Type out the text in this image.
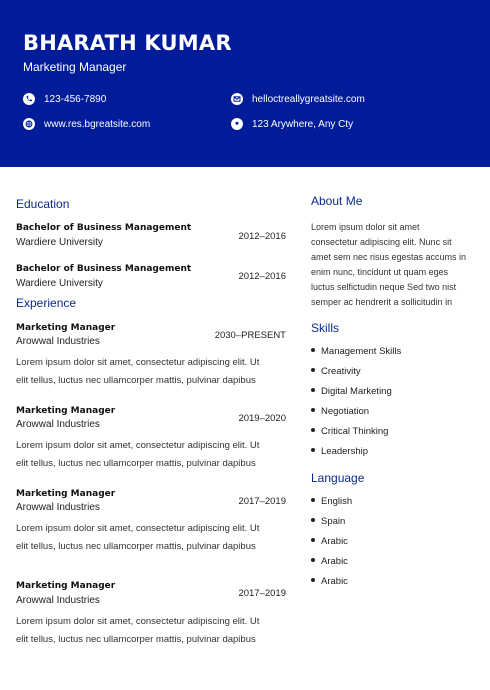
BHARATH KUMAR
Marketing Manager
123-456-7890	helloctreallygreatsite.com
www.res.bgreatsite.com	123 Arywhere, Any Cty
Education
Bachelor of Business Management
Wardiere University
2012–2016
Bachelor of Business Management
Wardiere University
2012–2016
Experience
Marketing Manager
Arowwal Industries
2030–PRESENT
Lorem ipsum dolor sit amet, consectetur adipiscing elit. Ut
elit tellus, luctus nec ullamcorper mattis, pulvinar dapibus
Marketing Manager
Arowwal Industries
2019–2020
Lorem ipsum dolor sit amet, consectetur adipiscing elit. Ut
elit tellus, luctus nec ullamcorper mattis, pulvinar dapibus
Marketing Manager
Arowwal Industries
2017–2019
Lorem ipsum dolor sit amet, consectetur adipiscing elit. Ut
elit tellus, luctus nec ullamcorper mattis, pulvinar dapibus
Marketing Manager
Arowwal Industries
2017–2019
Lorem ipsum dolor sit amet, consectetur adipiscing elit. Ut
elit tellus, luctus nec ullamcorper mattis, pulvinar dapibus
About Me
Lorem ipsum dolor sit amet
consectetur adipiscing elit. Nunc sit
amet sem nec risus egestas accums in
enim nunc, tincidunt ut quam eges
luctus selfictudin neque Sed two nist
semper ac hendrerit a sollicitudin in
Skills
Management Skills
Creativity
Digital Marketing
Negotiation
Critical Thinking
Leadership
Language
English
Spain
Arabic
Arabic
Arabic
